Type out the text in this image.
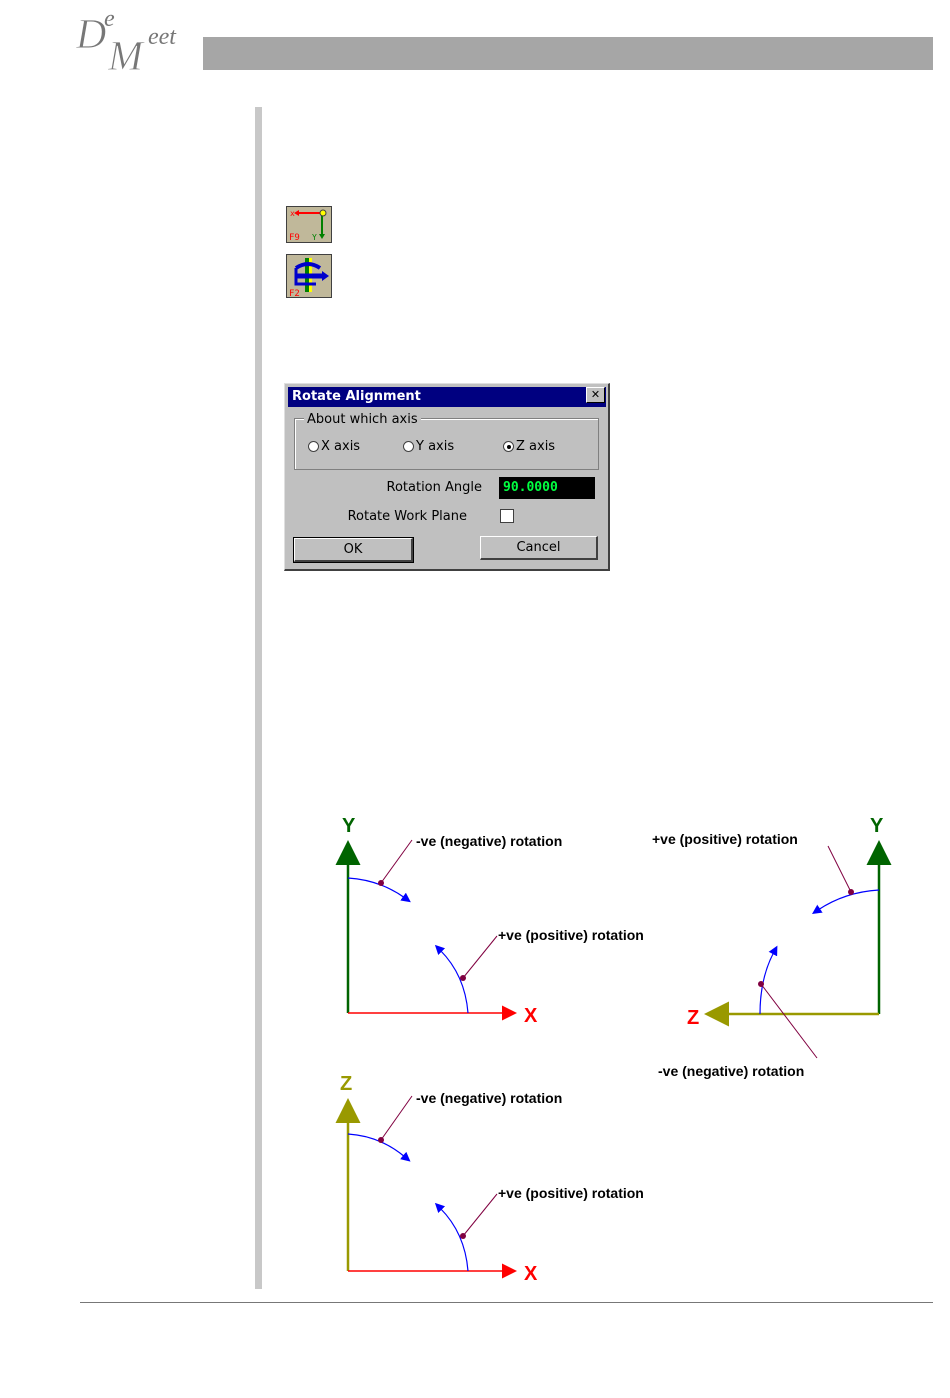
D
e
M eet
x
Y
F9
F2
Rotate Alignment	✕
About which axis
X axis	Y axis	Z axis
Rotation Angle	90.0000
Rotate Work Plane
OK	Cancel
Y
X
-ve (negative) rotation
+ve (positive) rotation
Y
Z
+ve (positive) rotation
-ve (negative) rotation
Z
X
-ve (negative) rotation
+ve (positive) rotation
